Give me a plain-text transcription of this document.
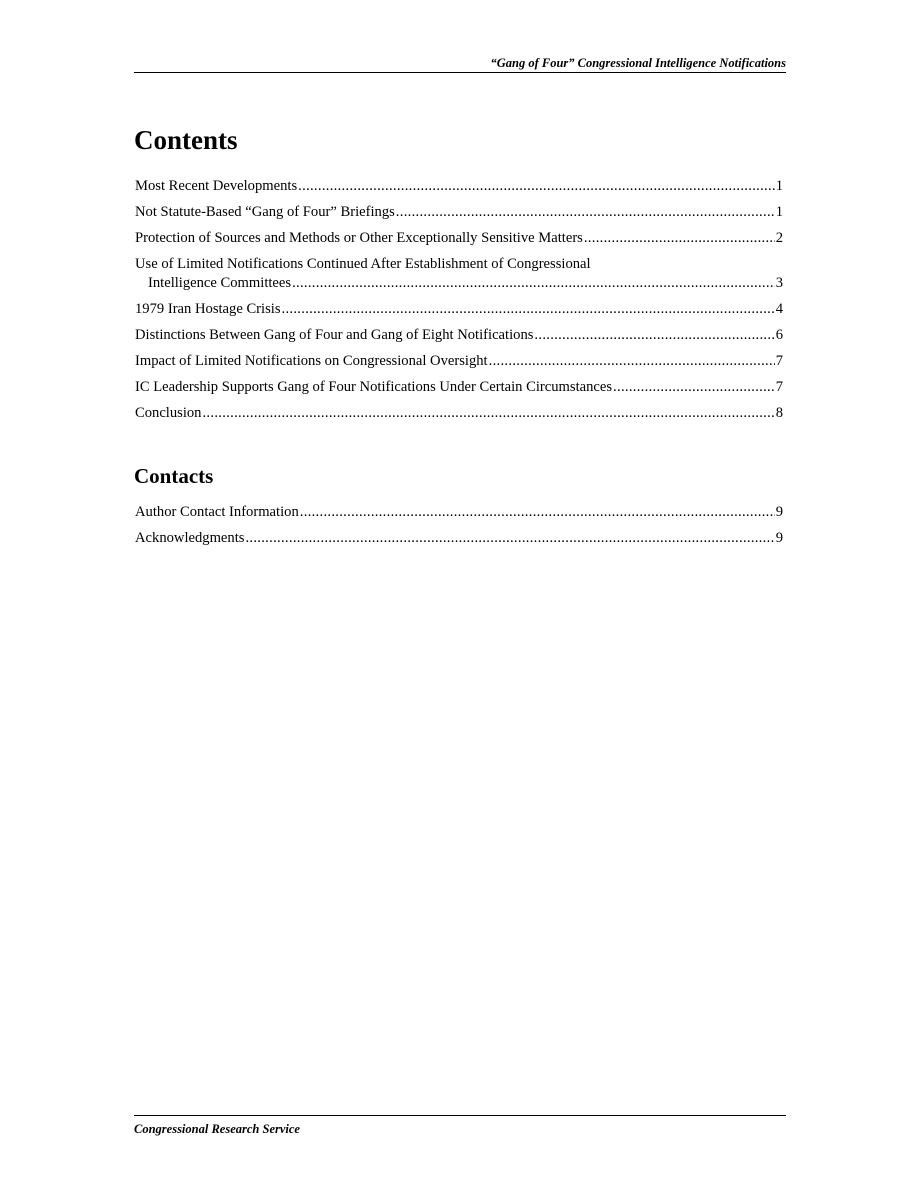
“Gang of Four” Congressional Intelligence Notifications
Contents
Most Recent Developments .....	1
Not Statute-Based “Gang of Four” Briefings .....	1
Protection of Sources and Methods or Other Exceptionally Sensitive Matters .....	2
Use of Limited Notifications Continued After Establishment of Congressional
Intelligence Committees .....	3
1979 Iran Hostage Crisis .....	4
Distinctions Between Gang of Four and Gang of Eight Notifications .....	6
Impact of Limited Notifications on Congressional Oversight .....	7
IC Leadership Supports Gang of Four Notifications Under Certain Circumstances .....	7
Conclusion .....	8
Contacts
Author Contact Information .....	9
Acknowledgments .....	9
Congressional Research Service
